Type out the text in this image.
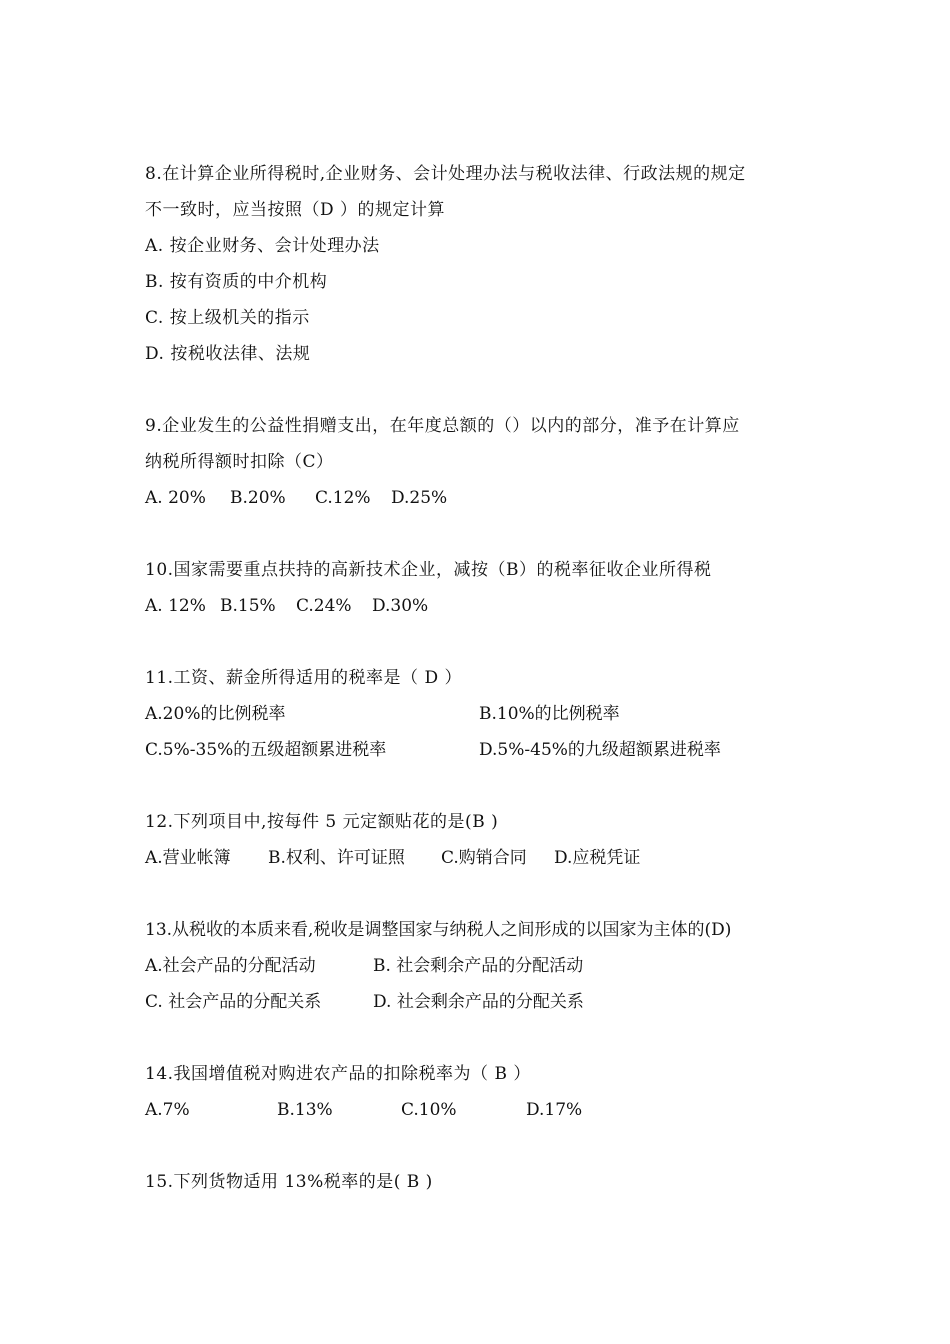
8.在计算企业所得税时,企业财务、会计处理办法与税收法律、行政法规的规定
不一致时，应当按照（D ）的规定计算
A. 按企业财务、会计处理办法
B. 按有资质的中介机构
C. 按上级机关的指示
D. 按税收法律、法规
9.企业发生的公益性捐赠支出，在年度总额的（）以内的部分，准予在计算应
纳税所得额时扣除（C）
A. 20% B.20% C.12% D.25%
10.国家需要重点扶持的高新技术企业，减按（B）的税率征收企业所得税
A. 12% B.15% C.24% D.30%
11.工资、薪金所得适用的税率是（ D ）
A.20%的比例税率	B.10%的比例税率
C.5%-35%的五级超额累进税率	D.5%-45%的九级超额累进税率
12.下列项目中,按每件 5 元定额贴花的是(B )
A.营业帐簿 B.权利、许可证照 C.购销合同 D.应税凭证
13.从税收的本质来看,税收是调整国家与纳税人之间形成的以国家为主体的(D)
A.社会产品的分配活动	B. 社会剩余产品的分配活动
C. 社会产品的分配关系	D. 社会剩余产品的分配关系
14.我国增值税对购进农产品的扣除税率为（ B ）
A.7%	B.13%	C.10%	D.17%
15.下列货物适用 13%税率的是( B )
